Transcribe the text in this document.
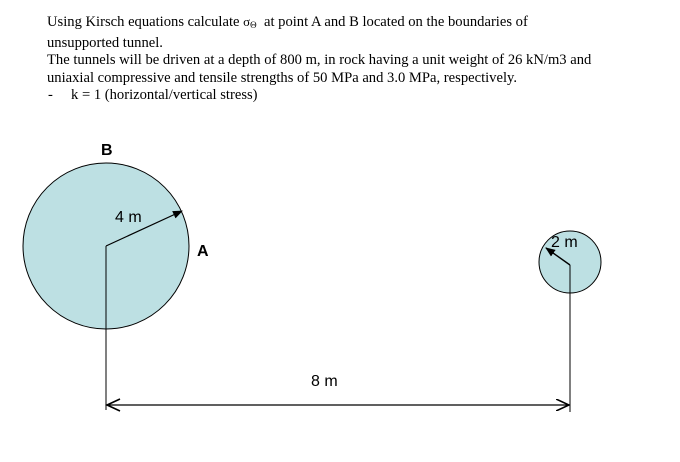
Using Kirsch equations calculate $\sigma_\Theta$  at point A and B located on the boundaries of

unsupported tunnel.

The tunnels will be driven at a depth of 800 m, in rock having a unit weight of 26 kN/m3 and

uniaxial compressive and tensile strengths of 50 MPa and 3.0 MPa, respectively.

-	k = 1 (horizontal/vertical stress)
4 m
B
A
2 m
8 m
